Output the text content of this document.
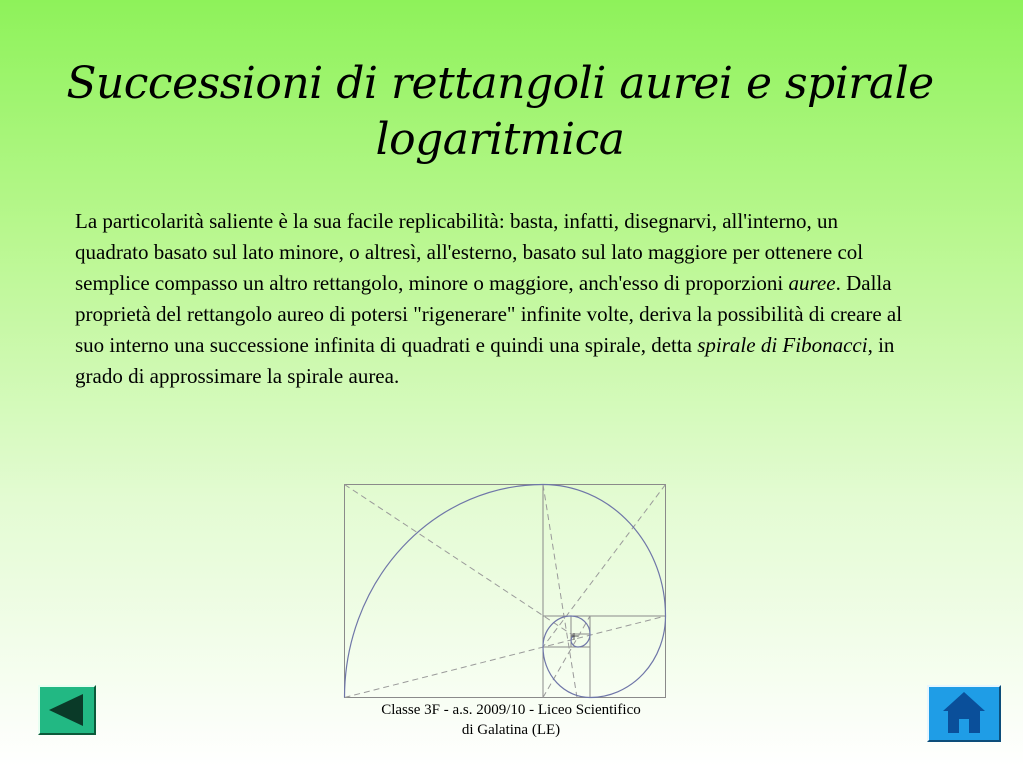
Successioni di rettangoli aurei e spirale logaritmica
La particolarità saliente è la sua facile replicabilità: basta, infatti, disegnarvi, all'interno, un quadrato basato sul lato minore, o altresì, all'esterno, basato sul lato maggiore per ottenere col semplice compasso un altro rettangolo, minore o maggiore, anch'esso di proporzioni auree. Dalla proprietà del rettangolo aureo di potersi "rigenerare" infinite volte, deriva la possibilità di creare al suo interno una successione infinita di quadrati e quindi una spirale, detta spirale di Fibonacci, in grado di approssimare la spirale aurea.
Classe 3F - a.s. 2009/10 - Liceo Scientifico
di Galatina (LE)
